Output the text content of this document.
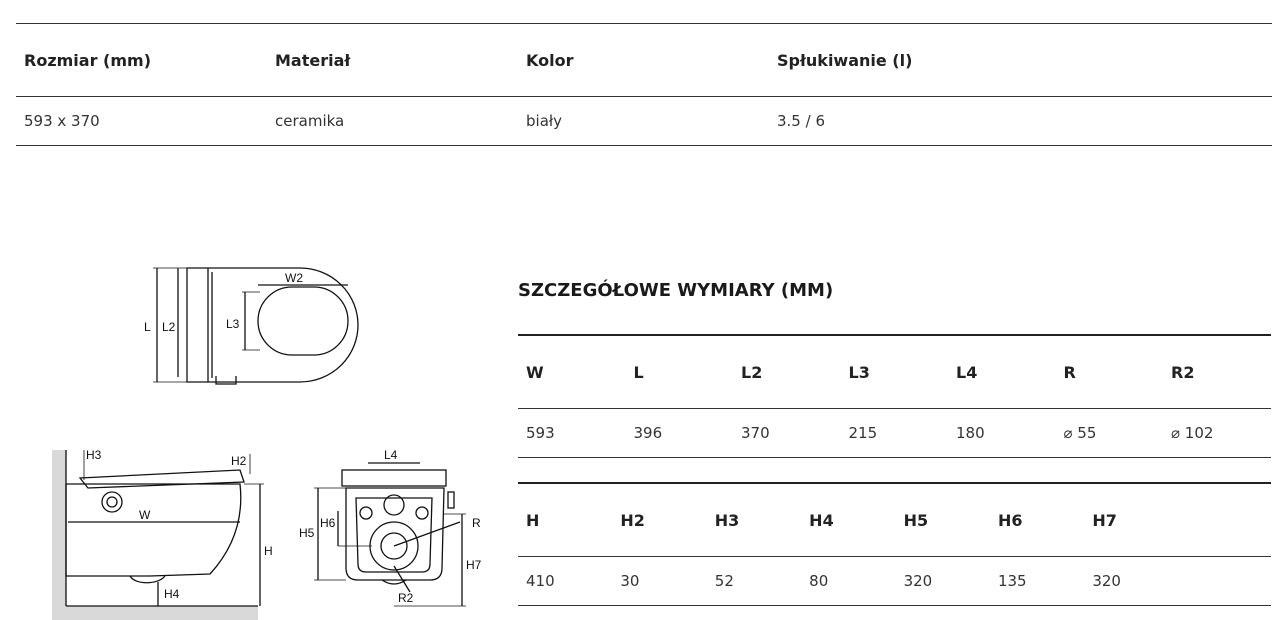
Rozmiar (mm)	Materiał	Kolor	Spłukiwanie (l)
593 x 370	ceramika	biały	3.5 / 6
L L2	L3
W2
H3	H2
W
H
H4
L4
H5
H6	R
H7
R2
SZCZEGÓŁOWE WYMIARY (MM)
W	L	L2	L3	L4	R	R2
593	396	370	215	180	⌀ 55	⌀ 102
H	H2	H3	H4	H5	H6	H7
410	30	52	80	320	135	320
